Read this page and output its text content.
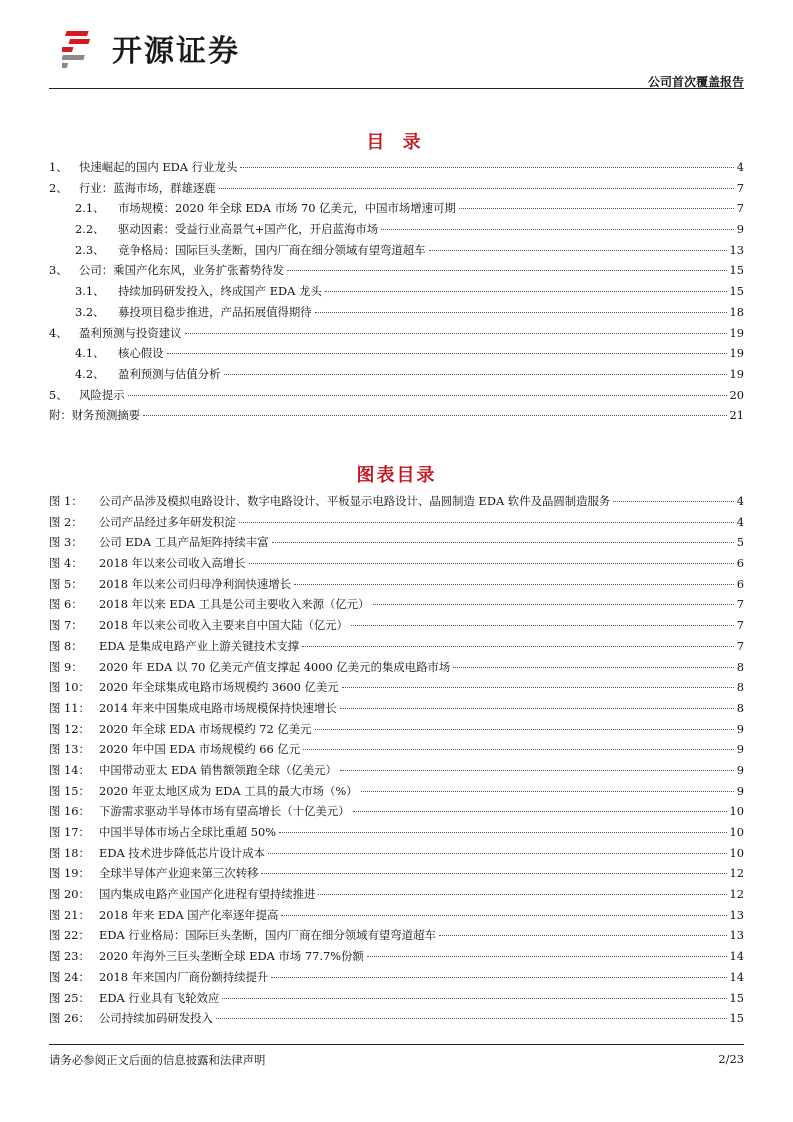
开源证券
公司首次覆盖报告
目 录
1、 快速崛起的国内 EDA 行业龙头	4
2、 行业：蓝海市场，群雄逐鹿	7
2.1、 市场规模：2020 年全球 EDA 市场 70 亿美元，中国市场增速可期	7
2.2、 驱动因素：受益行业高景气+国产化，开启蓝海市场	9
2.3、 竞争格局：国际巨头垄断，国内厂商在细分领域有望弯道超车	13
3、 公司：乘国产化东风，业务扩张蓄势待发	15
3.1、 持续加码研发投入，终成国产 EDA 龙头	15
3.2、 募投项目稳步推进，产品拓展值得期待	18
4、 盈利预测与投资建议	19
4.1、 核心假设	19
4.2、 盈利预测与估值分析	19
5、 风险提示	20
附：财务预测摘要	21
图表目录
图 1： 公司产品涉及模拟电路设计、数字电路设计、平板显示电路设计、晶圆制造 EDA 软件及晶圆制造服务	4
图 2： 公司产品经过多年研发积淀	4
图 3： 公司 EDA 工具产品矩阵持续丰富	5
图 4： 2018 年以来公司收入高增长	6
图 5： 2018 年以来公司归母净利润快速增长	6
图 6： 2018 年以来 EDA 工具是公司主要收入来源（亿元）	7
图 7： 2018 年以来公司收入主要来自中国大陆（亿元）	7
图 8： EDA 是集成电路产业上游关键技术支撑	7
图 9： 2020 年 EDA 以 70 亿美元产值支撑起 4000 亿美元的集成电路市场	8
图 10： 2020 年全球集成电路市场规模约 3600 亿美元	8
图 11： 2014 年来中国集成电路市场规模保持快速增长	8
图 12： 2020 年全球 EDA 市场规模约 72 亿美元	9
图 13： 2020 年中国 EDA 市场规模约 66 亿元	9
图 14： 中国带动亚太 EDA 销售额领跑全球（亿美元）	9
图 15： 2020 年亚太地区成为 EDA 工具的最大市场（%）	9
图 16： 下游需求驱动半导体市场有望高增长（十亿美元）	10
图 17： 中国半导体市场占全球比重超 50%	10
图 18： EDA 技术进步降低芯片设计成本	10
图 19： 全球半导体产业迎来第三次转移	12
图 20： 国内集成电路产业国产化进程有望持续推进	12
图 21： 2018 年来 EDA 国产化率逐年提高	13
图 22： EDA 行业格局：国际巨头垄断，国内厂商在细分领域有望弯道超车	13
图 23： 2020 年海外三巨头垄断全球 EDA 市场 77.7%份额	14
图 24： 2018 年来国内厂商份额持续提升	14
图 25： EDA 行业具有飞轮效应	15
图 26： 公司持续加码研发投入	15
请务必参阅正文后面的信息披露和法律声明	2/23
